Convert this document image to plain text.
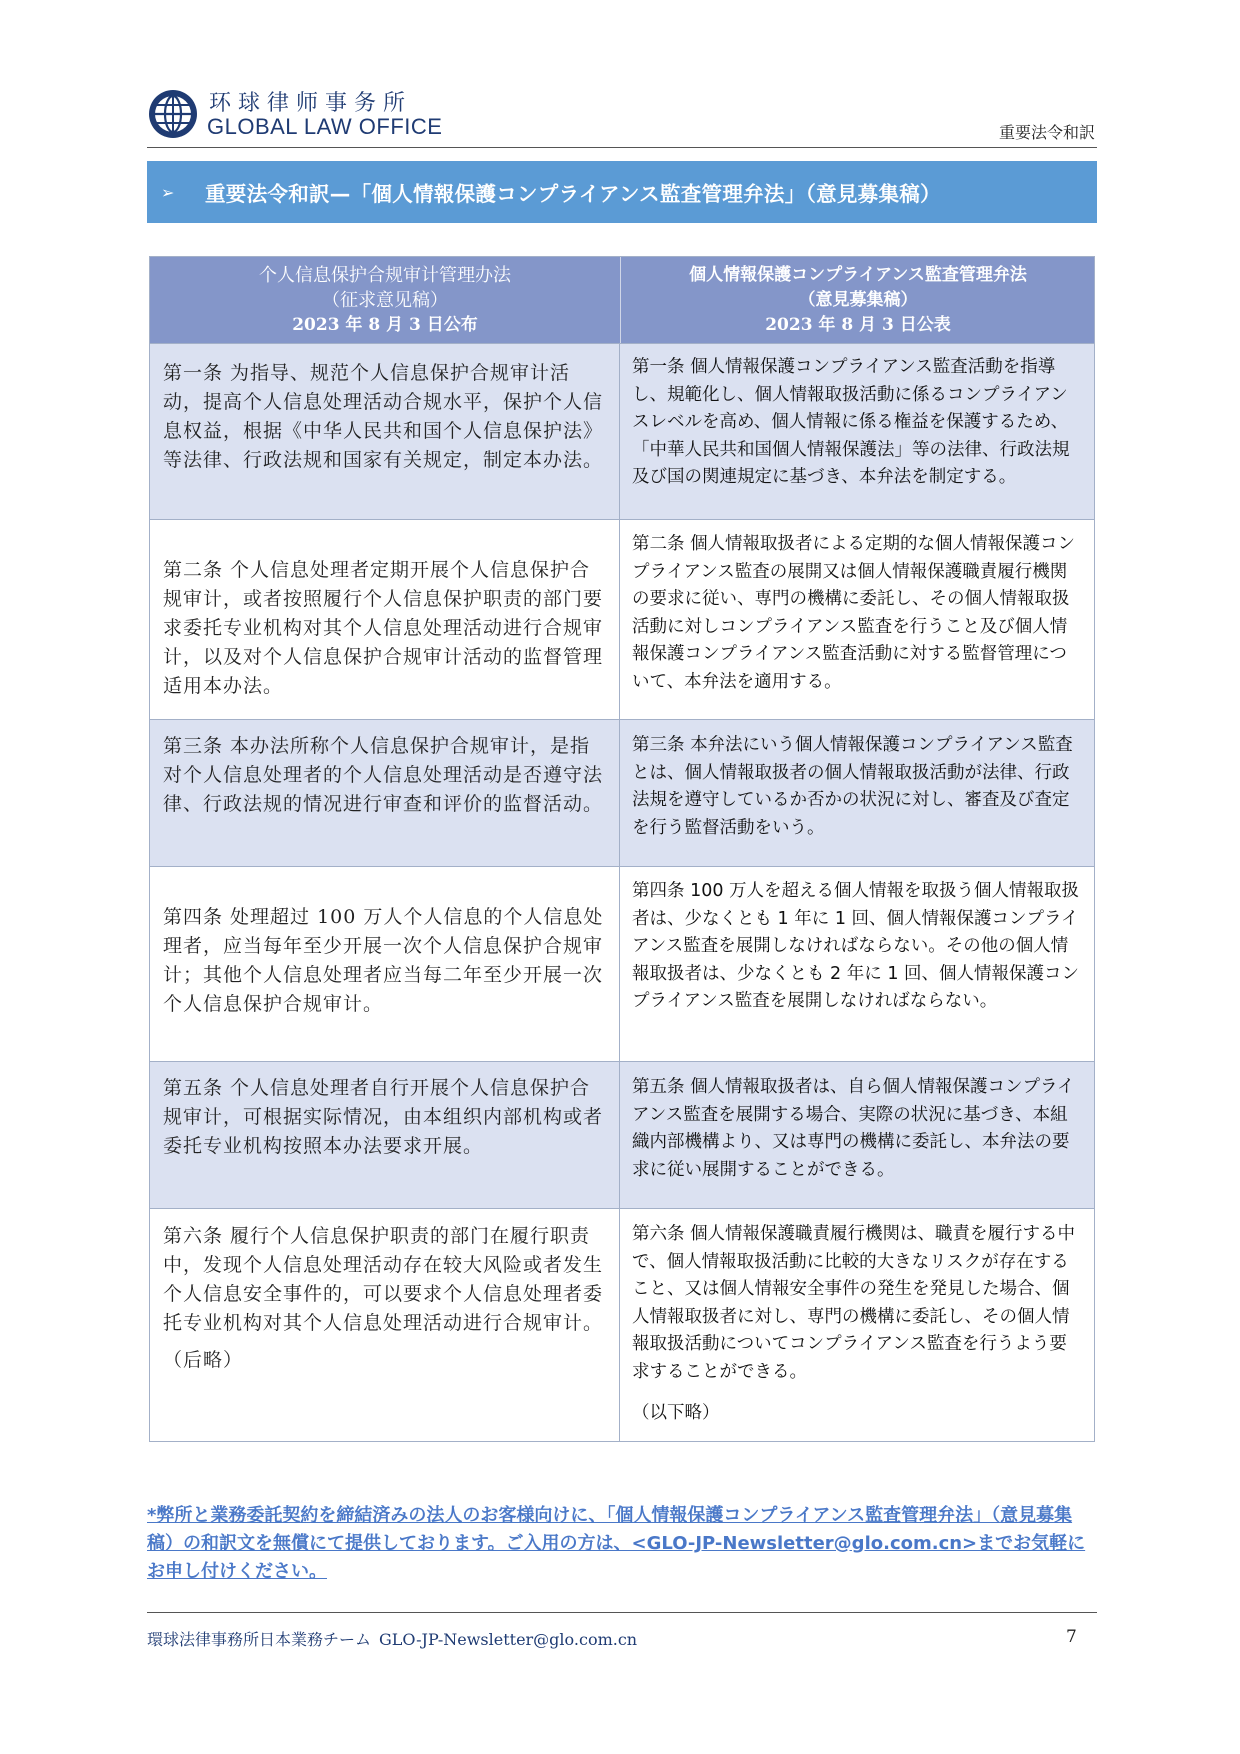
环球律师事务所
GLOBAL LAW OFFICE	重要法令和訳
➢	重要法令和訳—「個人情報保護コンプライアンス監査管理弁法」（意見募集稿）
个人信息保护合规审计管理办法
（征求意见稿）
2023 年 8 月 3 日公布
個人情報保護コンプライアンス監査管理弁法
（意見募集稿）
2023 年 8 月 3 日公表
第一条 为指导、规范个人信息保护合规审计活动，提高个人信息处理活动合规水平，保护个人信息权益，根据《中华人民共和国个人信息保护法》等法律、行政法规和国家有关规定，制定本办法。
第一条 個人情報保護コンプライアンス監査活動を指導し、規範化し、個人情報取扱活動に係るコンプライアンスレベルを高め、個人情報に係る権益を保護するため、「中華人民共和国個人情報保護法」等の法律、行政法規及び国の関連規定に基づき、本弁法を制定する。
第二条 个人信息处理者定期开展个人信息保护合规审计，或者按照履行个人信息保护职责的部门要求委托专业机构对其个人信息处理活动进行合规审计，以及对个人信息保护合规审计活动的监督管理适用本办法。
第二条 個人情報取扱者による定期的な個人情報保護コンプライアンス監査の展開又は個人情報保護職責履行機関の要求に従い、専門の機構に委託し、その個人情報取扱活動に対しコンプライアンス監査を行うこと及び個人情報保護コンプライアンス監査活動に対する監督管理について、本弁法を適用する。
第三条 本办法所称个人信息保护合规审计，是指对个人信息处理者的个人信息处理活动是否遵守法律、行政法规的情况进行审查和评价的监督活动。
第三条 本弁法にいう個人情報保護コンプライアンス監査とは、個人情報取扱者の個人情報取扱活動が法律、行政法規を遵守しているか否かの状況に対し、審査及び査定を行う監督活動をいう。
第四条 处理超过 100 万人个人信息的个人信息处理者，应当每年至少开展一次个人信息保护合规审计；其他个人信息处理者应当每二年至少开展一次个人信息保护合规审计。
第四条 100 万人を超える個人情報を取扱う個人情報取扱者は、少なくとも 1 年に 1 回、個人情報保護コンプライアンス監査を展開しなければならない。その他の個人情報取扱者は、少なくとも 2 年に 1 回、個人情報保護コンプライアンス監査を展開しなければならない。
第五条 个人信息处理者自行开展个人信息保护合规审计，可根据实际情况，由本组织内部机构或者委托专业机构按照本办法要求开展。
第五条 個人情報取扱者は、自ら個人情報保護コンプライアンス監査を展開する場合、実際の状況に基づき、本組織内部機構より、又は専門の機構に委託し、本弁法の要求に従い展開することができる。

第六条 履行个人信息保护职责的部门在履行职责中，发现个人信息处理活动存在较大风险或者发生个人信息安全事件的，可以要求个人信息处理者委托专业机构对其个人信息处理活动进行合规审计。

（后略）

第六条 個人情報保護職責履行機関は、職責を履行する中で、個人情報取扱活動に比較的大きなリスクが存在すること、又は個人情報安全事件の発生を発見した場合、個人情報取扱者に対し、専門の機構に委託し、その個人情報取扱活動についてコンプライアンス監査を行うよう要求することができる。

（以下略）

*弊所と業務委託契約を締結済みの法人のお客様向けに、「個人情報保護コンプライアンス監査管理弁法」（意見募集稿）の和訳文を無償にて提供しております。ご入用の方は、<GLO-JP-Newsletter@glo.com.cn>までお気軽にお申し付けください。
環球法律事務所日本業務チーム GLO-JP-Newsletter@glo.com.cn	7
